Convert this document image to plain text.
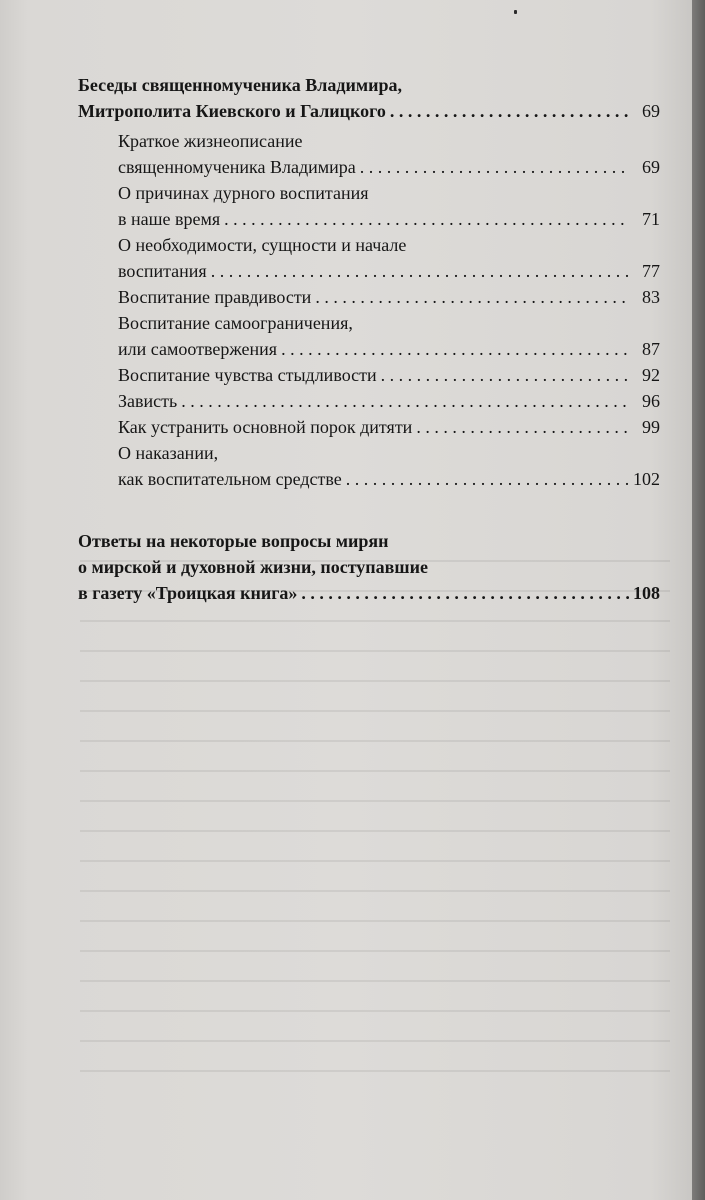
Беседы священномученика Владимира,
Митрополита Киевского и Галицкого . . .	69
Краткое жизнеописание
священномученика Владимира . . .	69
О причинах дурного воспитания
в наше время . . .	71
О необходимости, сущности и начале
воспитания . . .	77
Воспитание правдивости . . .	83
Воспитание самоограничения,
или самоотвержения . . .	87
Воспитание чувства стыдливости . . .	92
Зависть . . .	96
Как устранить основной порок дитяти . . .	99
О наказании,
как воспитательном средстве . . .	102
Ответы на некоторые вопросы мирян
о мирской и духовной жизни, поступавшие
в газету «Троицкая книга» . . .	108
